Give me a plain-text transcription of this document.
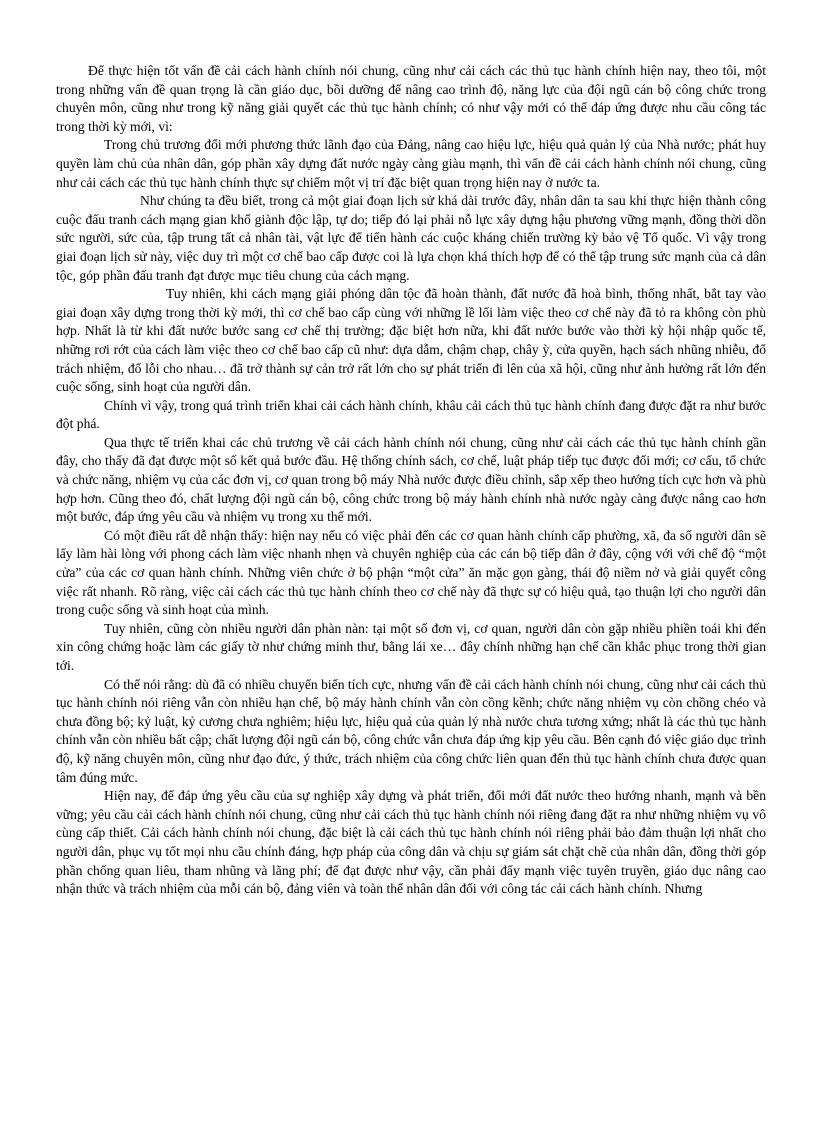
Để thực hiện tốt vấn đề cải cách hành chính nói chung, cũng như cải cách các thủ tục hành chính hiện nay, theo tôi, một trong những vấn đề quan trọng là cần giáo dục, bồi dưỡng để nâng cao trình độ, năng lực của đội ngũ cán bộ công chức trong chuyên môn, cũng như trong kỹ năng giải quyết các thủ tục hành chính; có như vậy mới có thể đáp ứng được nhu cầu công tác trong thời kỳ mới, vì:

Trong chủ trương đổi mới phương thức lãnh đạo của Đảng, nâng cao hiệu lực, hiệu quả quản lý của Nhà nước; phát huy quyền làm chủ của nhân dân, góp phần xây dựng đất nước ngày càng giàu mạnh, thì vấn đề cải cách hành chính nói chung, cũng như cải cách các thủ tục hành chính thực sự chiếm một vị trí đặc biệt quan trọng hiện nay ở nước ta.

Như chúng ta đều biết, trong cả một giai đoạn lịch sử khá dài trước đây, nhân dân ta sau khi thực hiện thành công cuộc đấu tranh cách mạng gian khổ giành độc lập, tự do; tiếp đó lại phải nỗ lực xây dựng hậu phương vững mạnh, đồng thời dồn sức người, sức của, tập trung tất cả nhân tài, vật lực để tiến hành các cuộc kháng chiến trường kỳ bảo vệ Tổ quốc. Vì vậy trong giai đoạn lịch sử này, việc duy trì một cơ chế bao cấp được coi là lựa chọn khá thích hợp để có thể tập trung sức mạnh của cả dân tộc, góp phần đấu tranh đạt được mục tiêu chung của cách mạng.

Tuy nhiên, khi cách mạng giải phóng dân tộc đã hoàn thành, đất nước đã hoà bình, thống nhất, bắt tay vào giai đoạn xây dựng trong thời kỳ mới, thì cơ chế bao cấp cùng với những lề lối làm việc theo cơ chế này đã tỏ ra không còn phù hợp. Nhất là từ khi đất nước bước sang cơ chế thị trường; đặc biệt hơn nữa, khi đất nước bước vào thời kỳ hội nhập quốc tế, những rơi rớt của cách làm việc theo cơ chế bao cấp cũ như: dựa dẫm, chậm chạp, chây ỳ, cửa quyền, hạch sách nhũng nhiễu, đổ trách nhiệm, đổ lỗi cho nhau… đã trở thành sự cản trở rất lớn cho sự phát triển đi lên của xã hội, cũng như ảnh hưởng rất lớn đến cuộc sống, sinh hoạt của người dân.

Chính vì vậy, trong quá trình triển khai cải cách hành chính, khâu cải cách thủ tục hành chính đang được đặt ra như bước đột phá.

Qua thực tế triển khai các chủ trương về cải cách hành chính nói chung, cũng như cải cách các thủ tục hành chính gần đây, cho thấy đã đạt được một số kết quả bước đầu. Hệ thống chính sách, cơ chế, luật pháp tiếp tục được đổi mới; cơ cấu, tổ chức và chức năng, nhiệm vụ của các đơn vị, cơ quan trong bộ máy Nhà nước được điều chỉnh, sắp xếp theo hướng tích cực hơn và phù hợp hơn. Cũng theo đó, chất lượng đội ngũ cán bộ, công chức trong bộ máy hành chính nhà nước ngày càng được nâng cao hơn một bước, đáp ứng yêu cầu và nhiệm vụ trong xu thế mới.

Có một điều rất dễ nhận thấy: hiện nay nếu có việc phải đến các cơ quan hành chính cấp phường, xã, đa số người dân sẽ lấy làm hài lòng với phong cách làm việc nhanh nhẹn và chuyên nghiệp của các cán bộ tiếp dân ở đây, cộng với với chế độ “một cửa” của các cơ quan hành chính. Những viên chức ở bộ phận “một cửa” ăn mặc gọn gàng, thái độ niềm nở và giải quyết công việc rất nhanh. Rõ ràng, việc cải cách các thủ tục hành chính theo cơ chế này đã thực sự có hiệu quả, tạo thuận lợi cho người dân trong cuộc sống và sinh hoạt của mình.

Tuy nhiên, cũng còn nhiều người dân phàn nàn: tại một số đơn vị, cơ quan, người dân còn gặp nhiều phiền toái khi đến xin công chứng hoặc làm các giấy tờ như chứng minh thư, bằng lái xe… đây chính những hạn chế cần khắc phục trong thời gian tới.

Có thể nói rằng: dù đã có nhiều chuyển biến tích cực, nhưng vấn đề cải cách hành chính nói chung, cũng như cải cách thủ tục hành chính nói riêng vẫn còn nhiều hạn chế, bộ máy hành chính vẫn còn cồng kềnh; chức năng nhiệm vụ còn chồng chéo và chưa đồng bộ; kỷ luật, kỷ cương chưa nghiêm; hiệu lực, hiệu quả của quản lý nhà nước chưa tương xứng; nhất là các thủ tục hành chính vẫn còn nhiều bất cập; chất lượng đội ngũ cán bộ, công chức vẫn chưa đáp ứng kịp yêu cầu. Bên cạnh đó việc giáo dục trình độ, kỹ năng chuyên môn, cũng như đạo đức, ý thức, trách nhiệm của công chức liên quan đến thủ tục hành chính chưa được quan tâm đúng mức.

Hiện nay, để đáp ứng yêu cầu của sự nghiệp xây dựng và phát triển, đổi mới đất nước theo hướng nhanh, mạnh và bền vững; yêu cầu cải cách hành chính nói chung, cũng như cải cách thủ tục hành chính nói riêng đang đặt ra như những nhiệm vụ vô cùng cấp thiết. Cải cách hành chính nói chung, đặc biệt là cải cách thủ tục hành chính nói riêng phải bảo đảm thuận lợi nhất cho người dân, phục vụ tốt mọi nhu cầu chính đáng, hợp pháp của công dân và chịu sự giám sát chặt chẽ của nhân dân, đồng thời góp phần chống quan liêu, tham nhũng và lãng phí; để đạt được như vậy, cần phải đẩy mạnh việc tuyên truyền, giáo dục nâng cao nhận thức và trách nhiệm của mỗi cán bộ, đảng viên và toàn thể nhân dân đối với công tác cải cách hành chính. Nhưng
